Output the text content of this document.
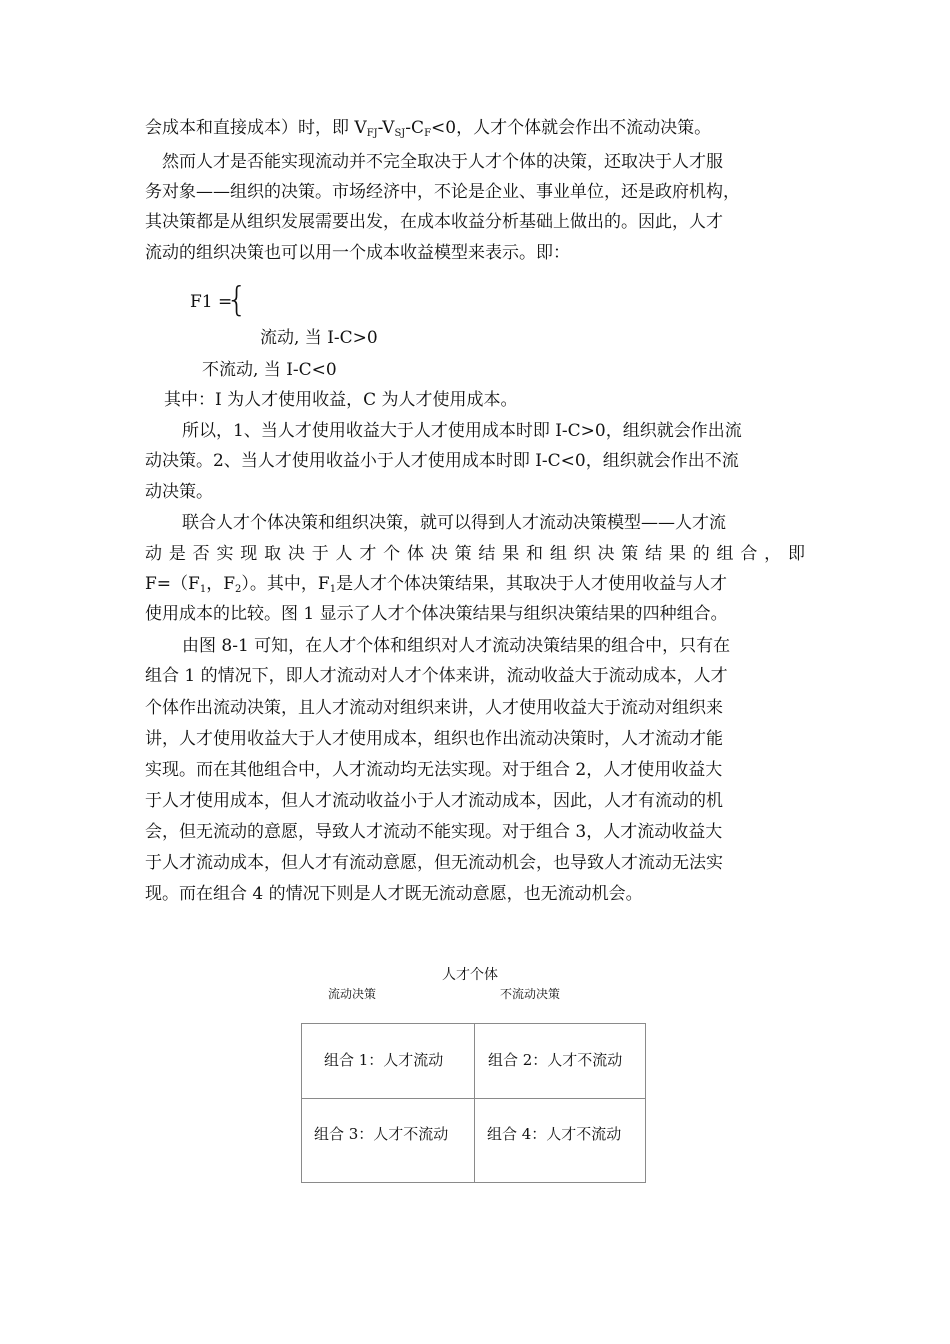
会成本和直接成本）时，即 $V_{FJ}-V_{SJ}-C_F<0$，人才个体就会作出不流动决策。
然而人才是否能实现流动并不完全取决于人才个体的决策，还取决于人才服
务对象——组织的决策。市场经济中，不论是企业、事业单位，还是政府机构，
其决策都是从组织发展需要出发，在成本收益分析基础上做出的。因此，人才
流动的组织决策也可以用一个成本收益模型来表示。即：
F1 =
{
流动, 当 I-C>0
不流动, 当 I-C<0
其中：I 为人才使用收益，C 为人才使用成本。
所以，1、当人才使用收益大于人才使用成本时即 I-C>0，组织就会作出流
动决策。2、当人才使用收益小于人才使用成本时即 I-C<0，组织就会作出不流
动决策。
联合人才个体决策和组织决策，就可以得到人才流动决策模型——人才流
动是否实现取决于人才个体决策结果和组织决策结果的组合，即
$F=(F_1$，$F_2$）。其中，$F_1$是人才个体决策结果，其取决于人才使用收益与人才
使用成本的比较。图 1 显示了人才个体决策结果与组织决策结果的四种组合。
由图 8-1 可知，在人才个体和组织对人才流动决策结果的组合中，只有在
组合 1 的情况下，即人才流动对人才个体来讲，流动收益大于流动成本，人才
个体作出流动决策，且人才流动对组织来讲，人才使用收益大于流动对组织来
讲，人才使用收益大于人才使用成本，组织也作出流动决策时，人才流动才能
实现。而在其他组合中，人才流动均无法实现。对于组合 2，人才使用收益大
于人才使用成本，但人才流动收益小于人才流动成本，因此，人才有流动的机
会，但无流动的意愿，导致人才流动不能实现。对于组合 3，人才流动收益大
于人才流动成本，但人才有流动意愿，但无流动机会，也导致人才流动无法实
现。而在组合 4 的情况下则是人才既无流动意愿，也无流动机会。
人才个体
流动决策	不流动决策
组合 1：人才流动	组合 2：人才不流动
组合 3：人才不流动	组合 4：人才不流动
